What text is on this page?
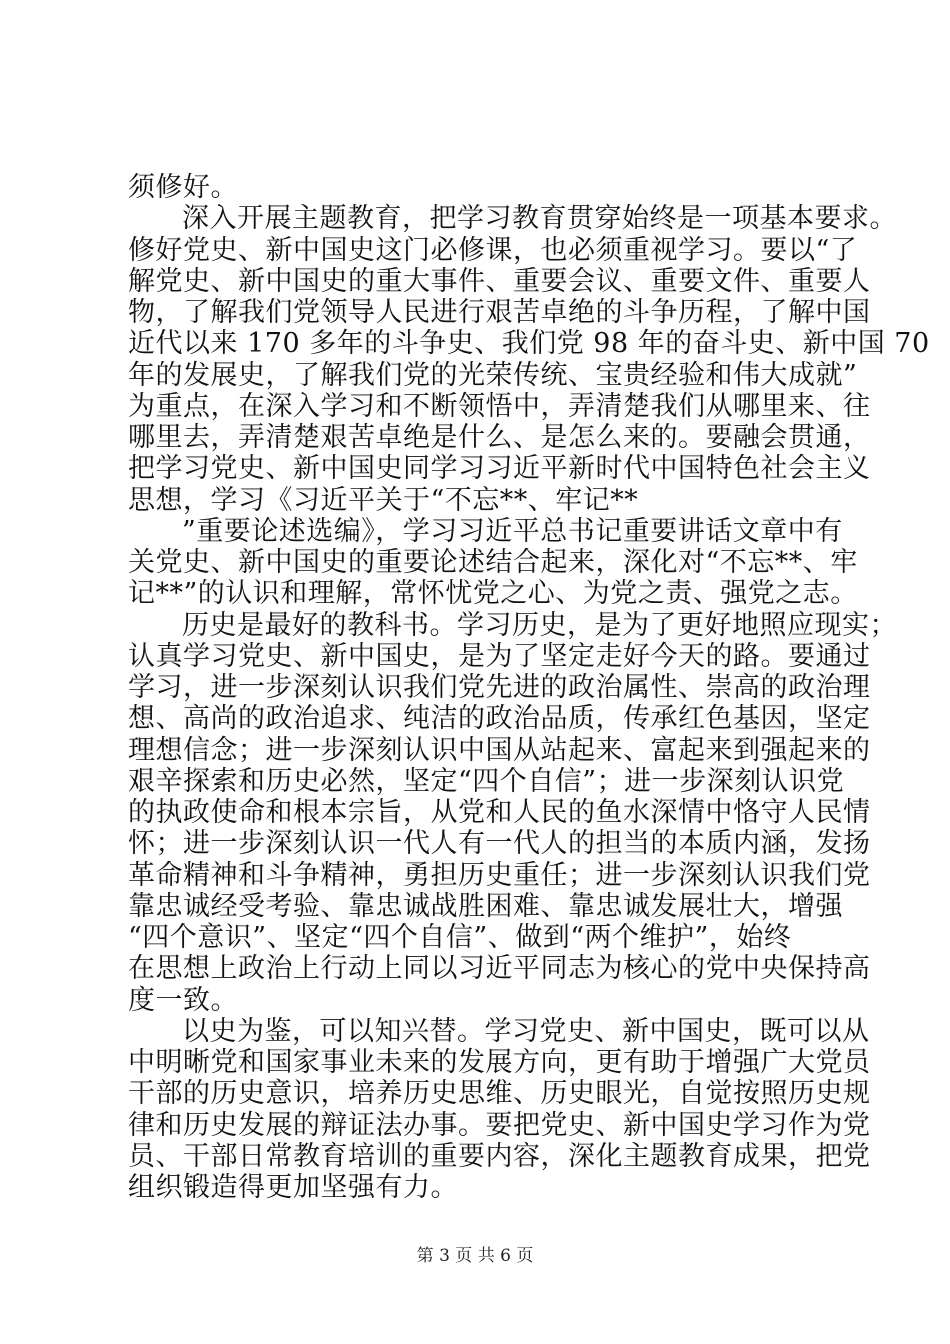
须修好。
深入开展主题教育，把学习教育贯穿始终是一项基本要求。
修好党史、新中国史这门必修课，也必须重视学习。要以“了
解党史、新中国史的重大事件、重要会议、重要文件、重要人
物，了解我们党领导人民进行艰苦卓绝的斗争历程，了解中国
近代以来 170 多年的斗争史、我们党 98 年的奋斗史、新中国 70
年的发展史，了解我们党的光荣传统、宝贵经验和伟大成就”
为重点，在深入学习和不断领悟中，弄清楚我们从哪里来、往
哪里去，弄清楚艰苦卓绝是什么、是怎么来的。要融会贯通，
把学习党史、新中国史同学习习近平新时代中国特色社会主义
思想，学习《习近平关于“不忘**、牢记**
”重要论述选编》，学习习近平总书记重要讲话文章中有
关党史、新中国史的重要论述结合起来，深化对“不忘**、牢
记**”的认识和理解，常怀忧党之心、为党之责、强党之志。
历史是最好的教科书。学习历史，是为了更好地照应现实；
认真学习党史、新中国史，是为了坚定走好今天的路。要通过
学习，进一步深刻认识我们党先进的政治属性、崇高的政治理
想、高尚的政治追求、纯洁的政治品质，传承红色基因，坚定
理想信念；进一步深刻认识中国从站起来、富起来到强起来的
艰辛探索和历史必然，坚定“四个自信”；进一步深刻认识党
的执政使命和根本宗旨，从党和人民的鱼水深情中恪守人民情
怀；进一步深刻认识一代人有一代人的担当的本质内涵，发扬
革命精神和斗争精神，勇担历史重任；进一步深刻认识我们党
靠忠诚经受考验、靠忠诚战胜困难、靠忠诚发展壮大，增强
“四个意识”、坚定“四个自信”、做到“两个维护”，始终
在思想上政治上行动上同以习近平同志为核心的党中央保持高
度一致。
以史为鉴，可以知兴替。学习党史、新中国史，既可以从
中明晰党和国家事业未来的发展方向，更有助于增强广大党员
干部的历史意识，培养历史思维、历史眼光，自觉按照历史规
律和历史发展的辩证法办事。要把党史、新中国史学习作为党
员、干部日常教育培训的重要内容，深化主题教育成果，把党
组织锻造得更加坚强有力。
第 3 页 共 6 页
